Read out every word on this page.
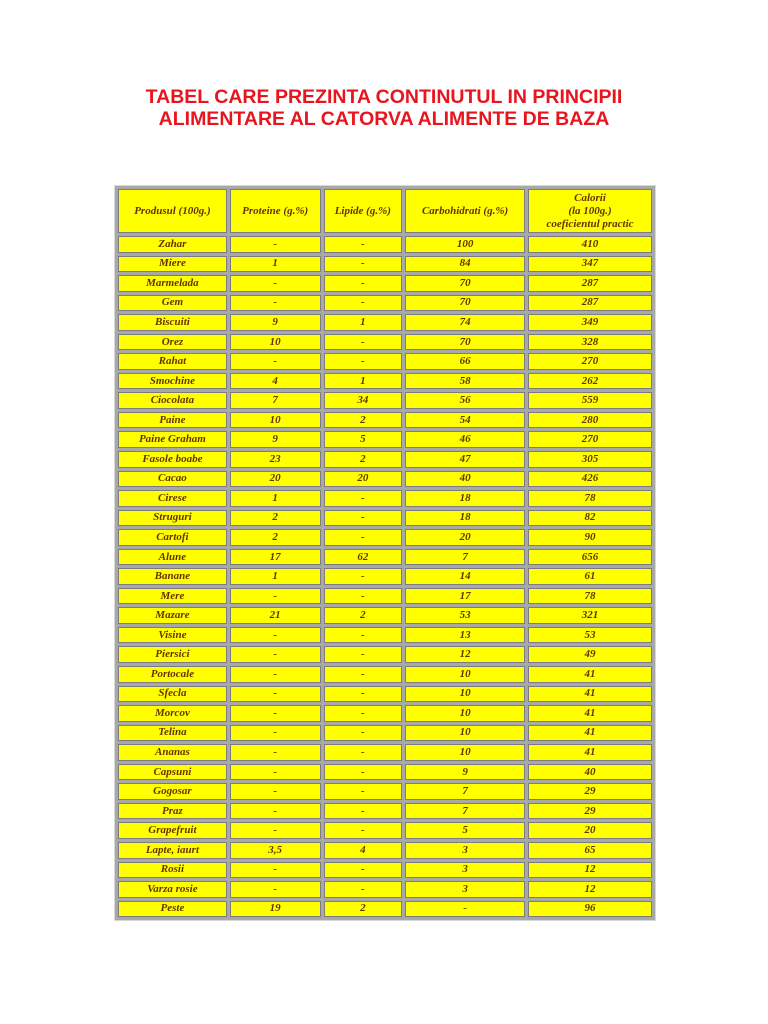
TABEL CARE PREZINTA CONTINUTUL IN PRINCIPII
ALIMENTARE AL CATORVA ALIMENTE DE BAZA
Produsul (100g.)	Proteine (g.%)	Lipide (g.%)	Carbohidrati (g.%)	Calorii
(la 100g.)
coeficientul practic
Zahar	-	-	100	410
Miere	1	-	84	347
Marmelada	-	-	70	287
Gem	-	-	70	287
Biscuiti	9	1	74	349
Orez	10	-	70	328
Rahat	-	-	66	270
Smochine	4	1	58	262
Ciocolata	7	34	56	559
Paine	10	2	54	280
Paine Graham	9	5	46	270
Fasole boabe	23	2	47	305
Cacao	20	20	40	426
Cirese	1	-	18	78
Struguri	2	-	18	82
Cartofi	2	-	20	90
Alune	17	62	7	656
Banane	1	-	14	61
Mere	-	-	17	78
Mazare	21	2	53	321
Visine	-	-	13	53
Piersici	-	-	12	49
Portocale	-	-	10	41
Sfecla	-	-	10	41
Morcov	-	-	10	41
Telina	-	-	10	41
Ananas	-	-	10	41
Capsuni	-	-	9	40
Gogosar	-	-	7	29
Praz	-	-	7	29
Grapefruit	-	-	5	20
Lapte, iaurt	3,5	4	3	65
Rosii	-	-	3	12
Varza rosie	-	-	3	12
Peste	19	2	-	96
